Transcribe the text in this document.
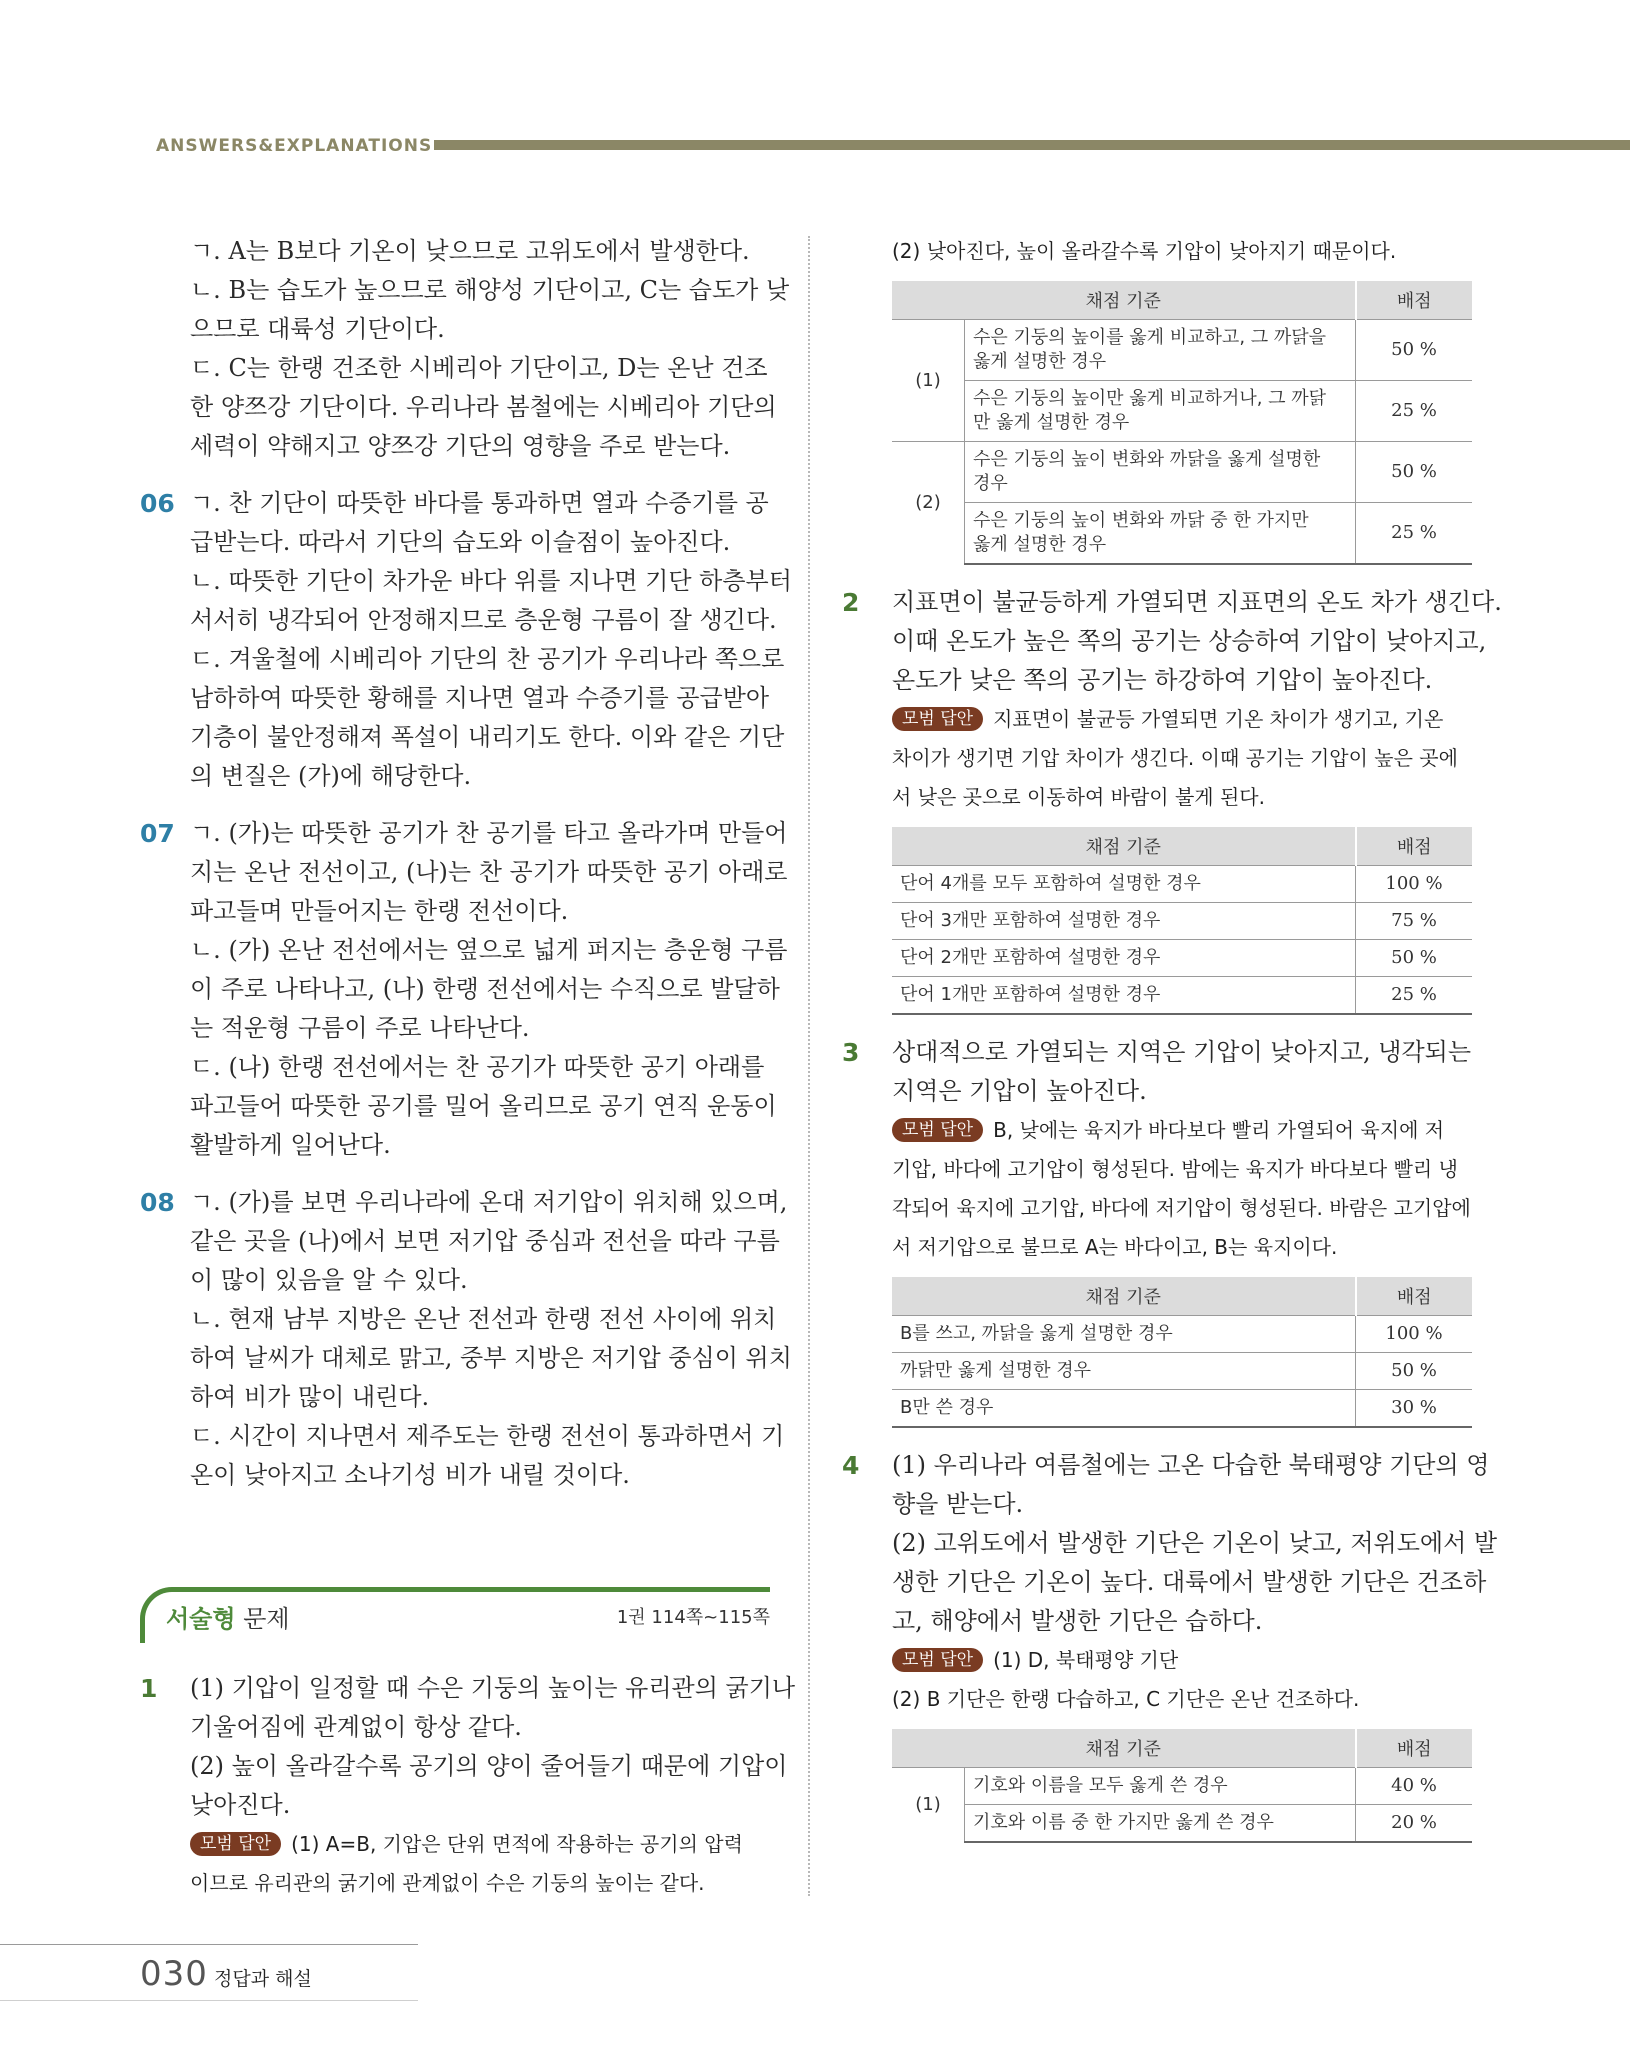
ANSWERS&EXPLANATIONS

ㄱ. A는 B보다 기온이 낮으므로 고위도에서 발생한다.

ㄴ. B는 습도가 높으므로 해양성 기단이고, C는 습도가 낮

으므로 대륙성 기단이다.

ㄷ. C는 한랭 건조한 시베리아 기단이고, D는 온난 건조

한 양쯔강 기단이다. 우리나라 봄철에는 시베리아 기단의

세력이 약해지고 양쯔강 기단의 영향을 주로 받는다.

06 ㄱ. 찬 기단이 따뜻한 바다를 통과하면 열과 수증기를 공

급받는다. 따라서 기단의 습도와 이슬점이 높아진다.

ㄴ. 따뜻한 기단이 차가운 바다 위를 지나면 기단 하층부터

서서히 냉각되어 안정해지므로 층운형 구름이 잘 생긴다.

ㄷ. 겨울철에 시베리아 기단의 찬 공기가 우리나라 쪽으로

남하하여 따뜻한 황해를 지나면 열과 수증기를 공급받아

기층이 불안정해져 폭설이 내리기도 한다. 이와 같은 기단

의 변질은 (가)에 해당한다.

07 ㄱ. (가)는 따뜻한 공기가 찬 공기를 타고 올라가며 만들어

지는 온난 전선이고, (나)는 찬 공기가 따뜻한 공기 아래로

파고들며 만들어지는 한랭 전선이다.

ㄴ. (가) 온난 전선에서는 옆으로 넓게 퍼지는 층운형 구름

이 주로 나타나고, (나) 한랭 전선에서는 수직으로 발달하

는 적운형 구름이 주로 나타난다.

ㄷ. (나) 한랭 전선에서는 찬 공기가 따뜻한 공기 아래를

파고들어 따뜻한 공기를 밀어 올리므로 공기 연직 운동이

활발하게 일어난다.

08 ㄱ. (가)를 보면 우리나라에 온대 저기압이 위치해 있으며,

같은 곳을 (나)에서 보면 저기압 중심과 전선을 따라 구름

이 많이 있음을 알 수 있다.

ㄴ. 현재 남부 지방은 온난 전선과 한랭 전선 사이에 위치

하여 날씨가 대체로 맑고, 중부 지방은 저기압 중심이 위치

하여 비가 많이 내린다.

ㄷ. 시간이 지나면서 제주도는 한랭 전선이 통과하면서 기

온이 낮아지고 소나기성 비가 내릴 것이다.

서술형 문제	1권 114쪽~115쪽
1 (1) 기압이 일정할 때 수은 기둥의 높이는 유리관의 굵기나

기울어짐에 관계없이 항상 같다.

(2) 높이 올라갈수록 공기의 양이 줄어들기 때문에 기압이

낮아진다.

모범 답안 (1) A=B, 기압은 단위 면적에 작용하는 공기의 압력

이므로 유리관의 굵기에 관계없이 수은 기둥의 높이는 같다.

(2) 낮아진다, 높이 올라갈수록 기압이 낮아지기 때문이다.

채점 기준		배점
(1)	수은 기둥의 높이를 옳게 비교하고, 그 까닭을
옳게 설명한 경우	50 %

	수은 기둥의 높이만 옳게 비교하거나, 그 까닭
만 옳게 설명한 경우	25 %
(2)	수은 기둥의 높이 변화와 까닭을 옳게 설명한
경우	50 %

	수은 기둥의 높이 변화와 까닭 중 한 가지만
옳게 설명한 경우	25 %
2 지표면이 불균등하게 가열되면 지표면의 온도 차가 생긴다.

이때 온도가 높은 쪽의 공기는 상승하여 기압이 낮아지고,

온도가 낮은 쪽의 공기는 하강하여 기압이 높아진다.

모범 답안 지표면이 불균등 가열되면 기온 차이가 생기고, 기온

차이가 생기면 기압 차이가 생긴다. 이때 공기는 기압이 높은 곳에

서 낮은 곳으로 이동하여 바람이 불게 된다.

채점 기준	배점
단어 4개를 모두 포함하여 설명한 경우	100 %
단어 3개만 포함하여 설명한 경우	75 %
단어 2개만 포함하여 설명한 경우	50 %
단어 1개만 포함하여 설명한 경우	25 %
3 상대적으로 가열되는 지역은 기압이 낮아지고, 냉각되는

지역은 기압이 높아진다.

모범 답안 B, 낮에는 육지가 바다보다 빨리 가열되어 육지에 저

기압, 바다에 고기압이 형성된다. 밤에는 육지가 바다보다 빨리 냉

각되어 육지에 고기압, 바다에 저기압이 형성된다. 바람은 고기압에

서 저기압으로 불므로 A는 바다이고, B는 육지이다.

채점 기준	배점
B를 쓰고, 까닭을 옳게 설명한 경우	100 %
까닭만 옳게 설명한 경우	50 %
B만 쓴 경우	30 %
4 (1) 우리나라 여름철에는 고온 다습한 북태평양 기단의 영

향을 받는다.

(2) 고위도에서 발생한 기단은 기온이 낮고, 저위도에서 발

생한 기단은 기온이 높다. 대륙에서 발생한 기단은 건조하

고, 해양에서 발생한 기단은 습하다.

모범 답안 (1) D, 북태평양 기단

(2) B 기단은 한랭 다습하고, C 기단은 온난 건조하다.

채점 기준		배점
(1)	기호와 이름을 모두 옳게 쓴 경우	40 %
	기호와 이름 중 한 가지만 옳게 쓴 경우	20 %
030 정답과 해설
